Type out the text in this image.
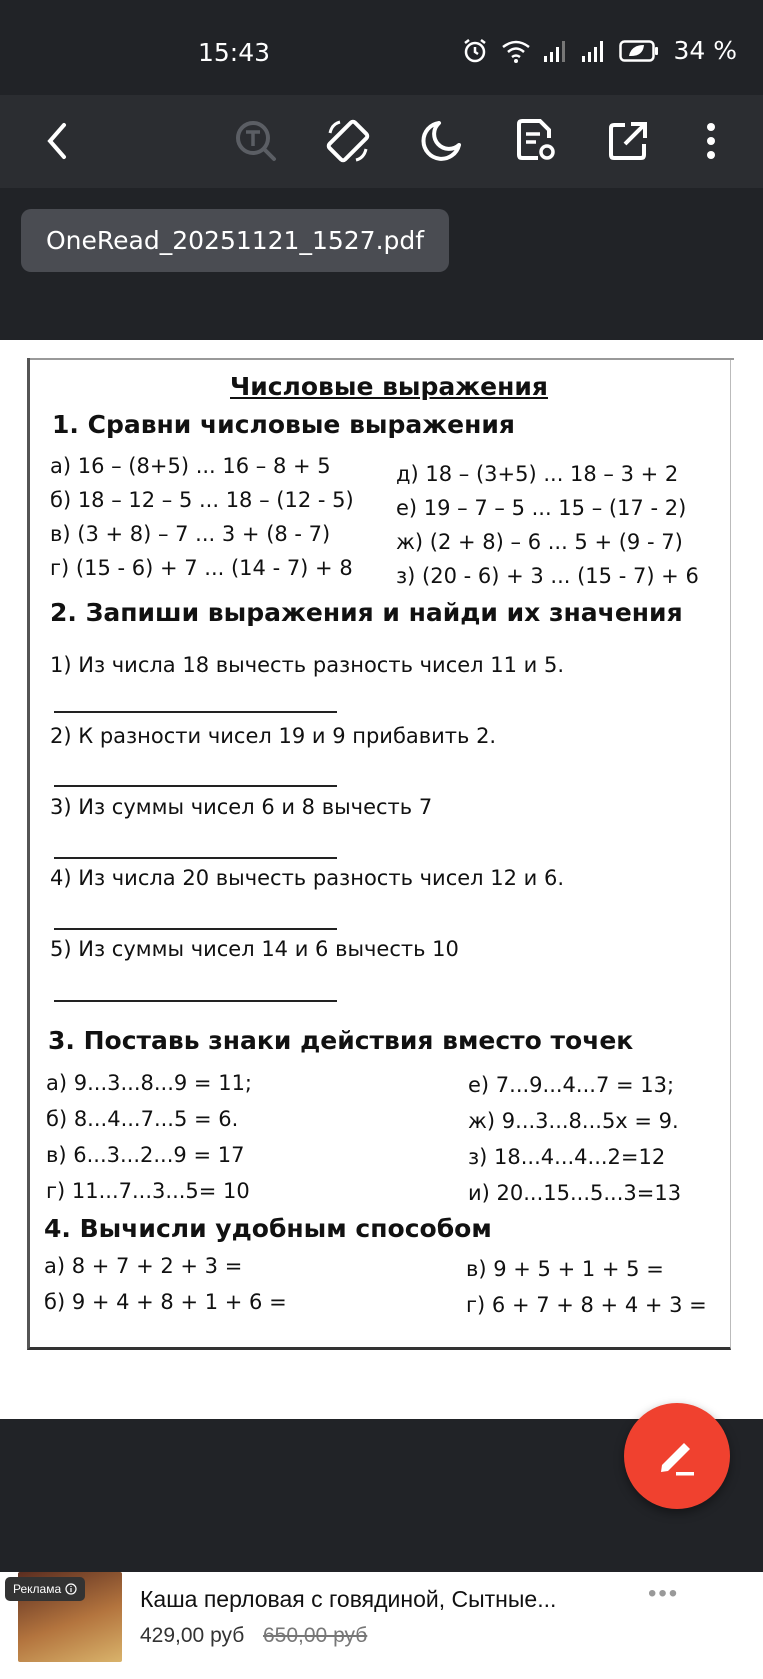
15:43	34 %
OneRead_20251121_1527.pdf
Числовые выражения
1. Сравни числовые выражения
а) 16 – (8+5) ... 16 – 8 + 5
б) 18 – 12 – 5 ... 18 – (12 - 5)
в) (3 + 8) – 7 ... 3 + (8 - 7)
г) (15 - 6) + 7 ... (14 - 7) + 8
д) 18 – (3+5) ... 18 – 3 + 2
е) 19 – 7 – 5 ... 15 – (17 - 2)
ж) (2 + 8) – 6 ... 5 + (9 - 7)
з) (20 - 6) + 3 ... (15 - 7) + 6
2. Запиши выражения и найди их значения
1) Из числа 18 вычесть разность чисел 11 и 5.
2) К разности чисел 19 и 9 прибавить 2.
3) Из суммы чисел 6 и 8 вычесть 7
4) Из числа 20 вычесть разность чисел 12 и 6.
5) Из суммы чисел 14 и 6 вычесть 10
3. Поставь знаки действия вместо точек
а) 9...3...8...9 = 11;
б) 8...4...7...5 = 6.
в) 6...3...2...9 = 17
г) 11...7...3...5= 10
е) 7...9...4...7 = 13;
ж) 9...3...8...5х = 9.
з) 18...4...4...2=12
и) 20...15...5...3=13
4. Вычисли удобным способом
а) 8 + 7 + 2 + 3 =
б) 9 + 4 + 8 + 1 + 6 =
в) 9 + 5 + 1 + 5 =
г) 6 + 7 + 8 + 4 + 3 =
Реклама	Каша перловая с говядиной, Сытные...
429,00 руб 650,00 руб
•••
